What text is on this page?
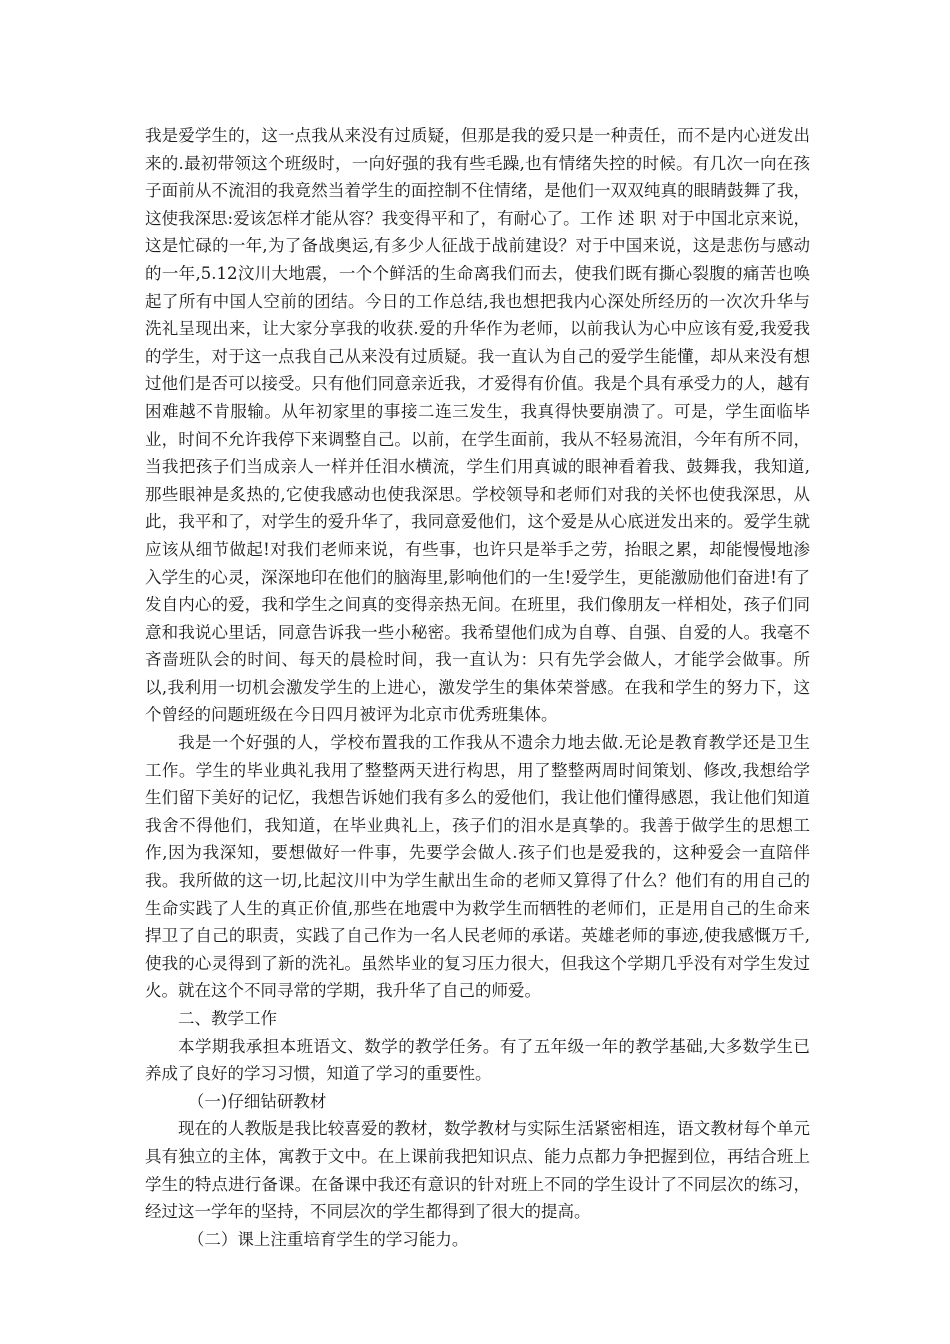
我是爱学生的，这一点我从来没有过质疑，但那是我的爱只是一种责任，而不是内心迸发出来的.最初带领这个班级时，一向好强的我有些毛躁,也有情绪失控的时候。有几次一向在孩子面前从不流泪的我竟然当着学生的面控制不住情绪，是他们一双双纯真的眼睛鼓舞了我，这使我深思:爱该怎样才能从容？我变得平和了，有耐心了。工作 述 职 对于中国北京来说，这是忙碌的一年,为了备战奥运,有多少人征战于战前建设？对于中国来说，这是悲伤与感动的一年,5.12汶川大地震，一个个鲜活的生命离我们而去，使我们既有撕心裂腹的痛苦也唤起了所有中国人空前的团结。今日的工作总结,我也想把我内心深处所经历的一次次升华与洗礼呈现出来，让大家分享我的收获.爱的升华作为老师，以前我认为心中应该有爱,我爱我的学生，对于这一点我自己从来没有过质疑。我一直认为自己的爱学生能懂，却从来没有想过他们是否可以接受。只有他们同意亲近我，才爱得有价值。我是个具有承受力的人，越有困难越不肯服输。从年初家里的事接二连三发生，我真得快要崩溃了。可是，学生面临毕业，时间不允许我停下来调整自己。以前，在学生面前，我从不轻易流泪，今年有所不同，当我把孩子们当成亲人一样并任泪水横流，学生们用真诚的眼神看着我、鼓舞我，我知道,那些眼神是炙热的,它使我感动也使我深思。学校领导和老师们对我的关怀也使我深思，从此，我平和了，对学生的爱升华了，我同意爱他们，这个爱是从心底迸发出来的。爱学生就应该从细节做起!对我们老师来说，有些事，也许只是举手之劳，抬眼之累，却能慢慢地渗入学生的心灵，深深地印在他们的脑海里,影响他们的一生!爱学生，更能激励他们奋进!有了发自内心的爱，我和学生之间真的变得亲热无间。在班里，我们像朋友一样相处，孩子们同意和我说心里话，同意告诉我一些小秘密。我希望他们成为自尊、自强、自爱的人。我毫不吝啬班队会的时间、每天的晨检时间，我一直认为：只有先学会做人，才能学会做事。所以,我利用一切机会激发学生的上进心，激发学生的集体荣誉感。在我和学生的努力下，这个曾经的问题班级在今日四月被评为北京市优秀班集体。

我是一个好强的人，学校布置我的工作我从不遗余力地去做.无论是教育教学还是卫生工作。学生的毕业典礼我用了整整两天进行构思，用了整整两周时间策划、修改,我想给学生们留下美好的记忆，我想告诉她们我有多么的爱他们，我让他们懂得感恩，我让他们知道我舍不得他们，我知道，在毕业典礼上，孩子们的泪水是真挚的。我善于做学生的思想工作,因为我深知，要想做好一件事，先要学会做人.孩子们也是爱我的，这种爱会一直陪伴我。我所做的这一切,比起汶川中为学生献出生命的老师又算得了什么？他们有的用自己的生命实践了人生的真正价值,那些在地震中为救学生而牺牲的老师们，正是用自己的生命来捍卫了自己的职责，实践了自己作为一名人民老师的承诺。英雄老师的事迹,使我感慨万千,使我的心灵得到了新的洗礼。虽然毕业的复习压力很大，但我这个学期几乎没有对学生发过火。就在这个不同寻常的学期，我升华了自己的师爱。

二、教学工作

本学期我承担本班语文、数学的教学任务。有了五年级一年的教学基础,大多数学生已养成了良好的学习习惯，知道了学习的重要性。

（一)仔细钻研教材

现在的人教版是我比较喜爱的教材，数学教材与实际生活紧密相连，语文教材每个单元具有独立的主体，寓教于文中。在上课前我把知识点、能力点都力争把握到位，再结合班上学生的特点进行备课。在备课中我还有意识的针对班上不同的学生设计了不同层次的练习，经过这一学年的坚持，不同层次的学生都得到了很大的提高。

（二）课上注重培育学生的学习能力。
